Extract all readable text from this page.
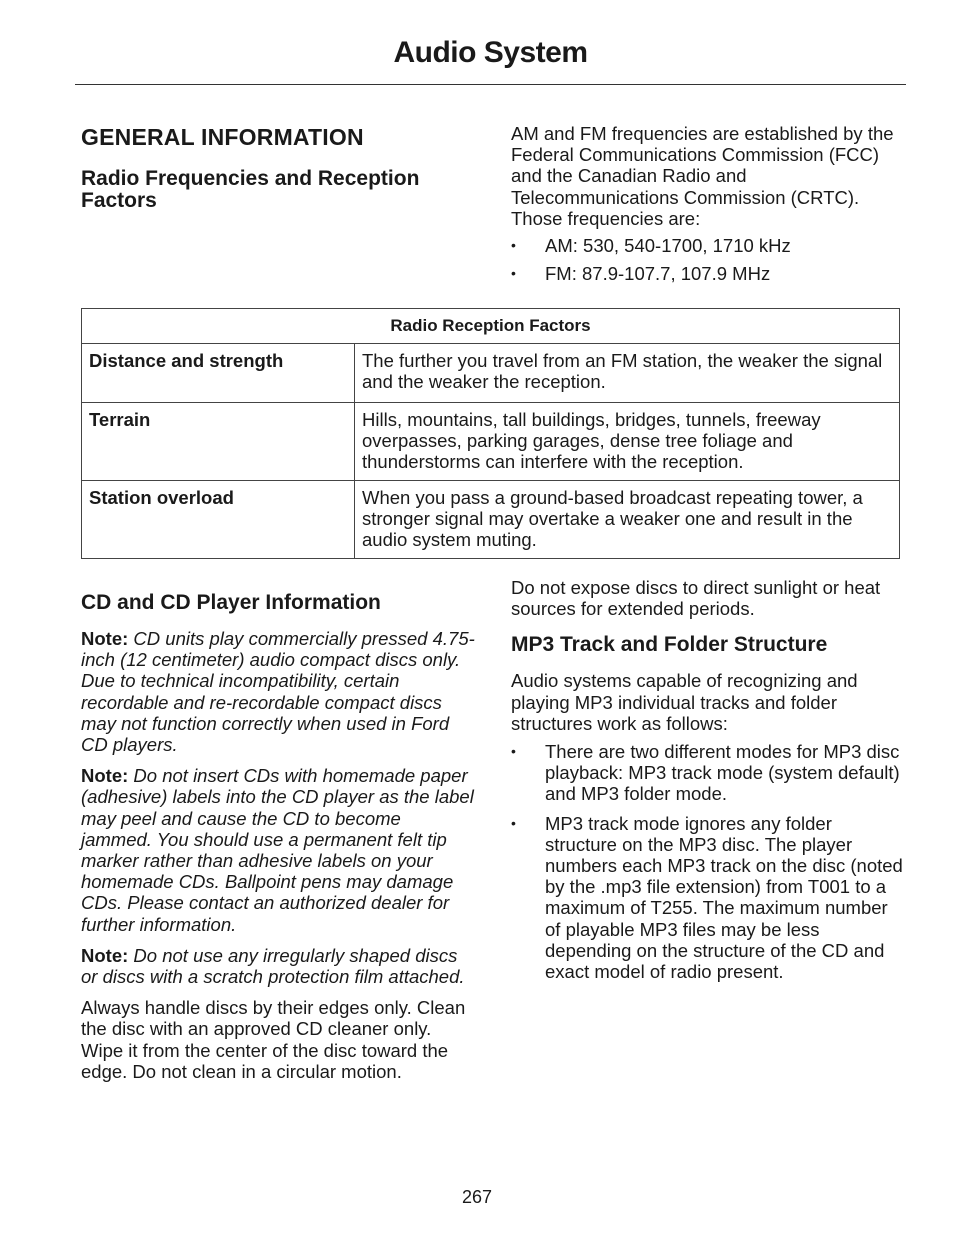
Audio System
GENERAL INFORMATION
Radio Frequencies and Reception Factors

AM and FM frequencies are established by the Federal Communications Commission (FCC) and the Canadian Radio and Telecommunications Commission (CRTC). Those frequencies are:

• AM: 530, 540-1700, 1710 kHz
• FM: 87.9-107.7, 107.9 MHz
Radio Reception Factors	
Distance and strength	The further you travel from an FM station, the weaker the signal and the weaker the reception.
Terrain	Hills, mountains, tall buildings, bridges, tunnels, freeway overpasses, parking garages, dense tree foliage and thunderstorms can interfere with the reception.
Station overload	When you pass a ground-based broadcast repeating tower, a stronger signal may overtake a weaker one and result in the audio system muting.
CD and CD Player Information

Note: CD units play commercially pressed 4.75-inch (12 centimeter) audio compact discs only. Due to technical incompatibility, certain recordable and re-recordable compact discs may not function correctly when used in Ford CD players.

Note: Do not insert CDs with homemade paper (adhesive) labels into the CD player as the label may peel and cause the CD to become jammed. You should use a permanent felt tip marker rather than adhesive labels on your homemade CDs. Ballpoint pens may damage CDs. Please contact an authorized dealer for further information.

Note: Do not use any irregularly shaped discs or discs with a scratch protection film attached.

Always handle discs by their edges only. Clean the disc with an approved CD cleaner only. Wipe it from the center of the disc toward the edge. Do not clean in a circular motion.

Do not expose discs to direct sunlight or heat sources for extended periods.

MP3 Track and Folder Structure

Audio systems capable of recognizing and playing MP3 individual tracks and folder structures work as follows:

• There are two different modes for MP3 disc playback: MP3 track mode (system default) and MP3 folder mode.
• MP3 track mode ignores any folder structure on the MP3 disc. The player numbers each MP3 track on the disc (noted by the .mp3 file extension) from T001 to a maximum of T255. The maximum number of playable MP3 files may be less depending on the structure of the CD and exact model of radio present.
267
